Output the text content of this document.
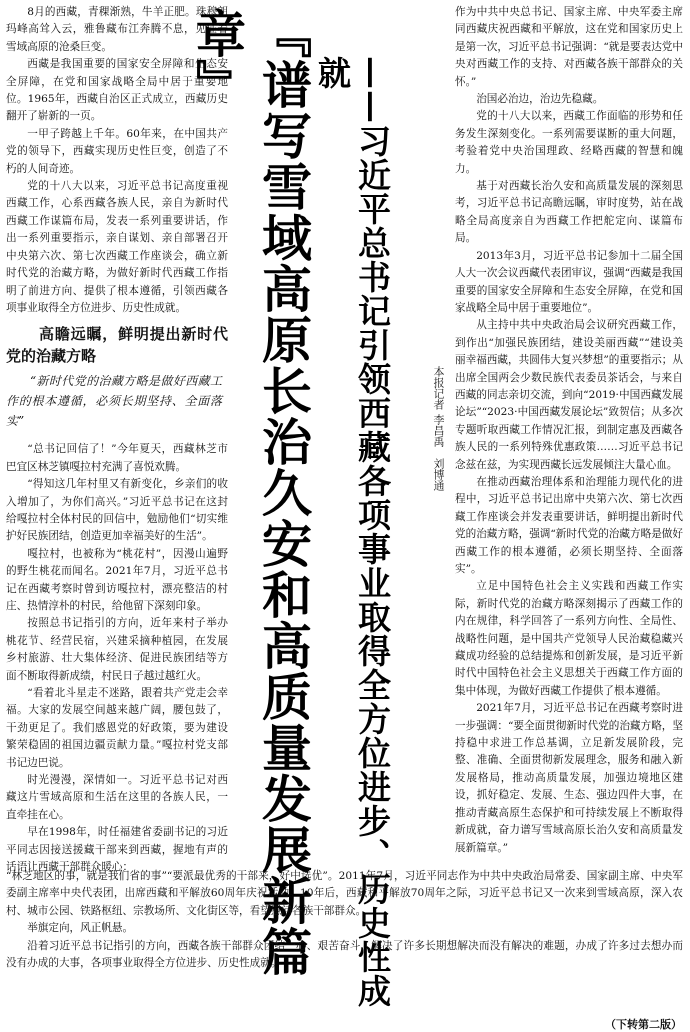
8月的西藏，青稞渐熟，牛羊正肥。珠穆朗玛峰高耸入云，雅鲁藏布江奔腾不息，见证着雪域高原的沧桑巨变。

西藏是我国重要的国家安全屏障和生态安全屏障，在党和国家战略全局中居于重要地位。1965年，西藏自治区正式成立，西藏历史翻开了崭新的一页。

一甲子跨越上千年。60年来，在中国共产党的领导下，西藏实现历史性巨变，创造了不朽的人间奇迹。

党的十八大以来，习近平总书记高度重视西藏工作，心系西藏各族人民，亲自为新时代西藏工作谋篇布局，发表一系列重要讲话，作出一系列重要指示，亲自谋划、亲自部署召开中央第六次、第七次西藏工作座谈会，确立新时代党的治藏方略，为做好新时代西藏工作指明了前进方向、提供了根本遵循，引领西藏各项事业取得全方位进步、历史性成就。

高瞻远瞩，鲜明提出新时代党的治藏方略
“新时代党的治藏方略是做好西藏工作的根本遵循，必须长期坚持、全面落实”

“总书记回信了！”今年夏天，西藏林芝市巴宜区林芝镇嘎拉村充满了喜悦欢腾。

“得知这几年村里又有新变化，乡亲们的收入增加了，为你们高兴。”习近平总书记在这封给嘎拉村全体村民的回信中，勉励他们“切实维护好民族团结，创造更加幸福美好的生活”。

嘎拉村，也被称为“桃花村”，因漫山遍野的野生桃花而闻名。2021年7月，习近平总书记在西藏考察时曾到访嘎拉村，漂亮整洁的村庄、热情淳朴的村民，给他留下深刻印象。

按照总书记指引的方向，近年来村子举办桃花节、经营民宿，兴建采摘种植园，在发展乡村旅游、壮大集体经济、促进民族团结等方面不断取得新成绩，村民日子越过越红火。

“看着北斗星走不迷路，跟着共产党走会幸福。大家的发展空间越来越广阔，腰包鼓了，干劲更足了。我们感恩党的好政策，要为建设繁荣稳固的祖国边疆贡献力量。”嘎拉村党支部书记边巴说。

时光漫漫，深情如一。习近平总书记对西藏这片雪域高原和生活在这里的各族人民，一直牵挂在心。

早在1998年，时任福建省委副书记的习近平同志因接送援藏干部来到西藏，握地有声的话语让西藏干部群众暖心：	『谱写雪域高原长治久安和高质量发展新篇章』	——习近平总书记引领西藏各项事业取得全方位进步、历史性成就
本报记者 李昌禹　刘博通

作为中共中央总书记、国家主席、中央军委主席同西藏庆祝西藏和平解放，这在党和国家历史上是第一次，习近平总书记强调：“就是要表达党中央对西藏工作的支持、对西藏各族干部群众的关怀。”

治国必治边，治边先稳藏。

党的十八大以来，西藏工作面临的形势和任务发生深刻变化。一系列需要谋断的重大问题，考验着党中央治国理政、经略西藏的智慧和魄力。

基于对西藏长治久安和高质量发展的深刻思考，习近平总书记高瞻远瞩，审时度势，站在战略全局高度亲自为西藏工作把舵定向、谋篇布局。

2013年3月，习近平总书记参加十二届全国人大一次会议西藏代表团审议，强调“西藏是我国重要的国家安全屏障和生态安全屏障，在党和国家战略全局中居于重要地位”。

从主持中共中央政治局会议研究西藏工作，到作出“加强民族团结，建设美丽西藏”“建设美丽幸福西藏，共圆伟大复兴梦想”的重要指示；从出席全国两会少数民族代表委员茶话会，与来自西藏的同志亲切交流，到向“2019·中国西藏发展论坛”“2023·中国西藏发展论坛”致贺信；从多次专题听取西藏工作情况汇报，到制定惠及西藏各族人民的一系列特殊优惠政策……习近平总书记念兹在兹，为实现西藏长远发展倾注大量心血。

在推动西藏治理体系和治理能力现代化的进程中，习近平总书记出席中央第六次、第七次西藏工作座谈会并发表重要讲话，鲜明提出新时代党的治藏方略，强调“新时代党的治藏方略是做好西藏工作的根本遵循，必须长期坚持、全面落实”。

立足中国特色社会主义实践和西藏工作实际，新时代党的治藏方略深刻揭示了西藏工作的内在规律，科学回答了一系列方向性、全局性、战略性问题，是中国共产党领导人民治藏稳藏兴藏成功经验的总结提炼和创新发展，是习近平新时代中国特色社会主义思想关于西藏工作方面的集中体现，为做好西藏工作提供了根本遵循。

2021年7月，习近平总书记在西藏考察时进一步强调：“要全面贯彻新时代党的治藏方略，坚持稳中求进工作总基调，立足新发展阶段，完整、准确、全面贯彻新发展理念，服务和融入新发展格局，推动高质量发展，加强边境地区建设，抓好稳定、发展、生态、强边四件大事，在推动青藏高原生态保护和可持续发展上不断取得新成就，奋力谱写雪域高原长治久安和高质量发展新篇章。”

“林芝地区的事，就是我们省的事”“要派最优秀的干部来，好中选优”。2011年7月，习近平同志作为中共中央政治局常委、国家副主席、中央军委副主席率中央代表团，出席西藏和平解放60周年庆祝活动。10年后，西藏和平解放70周年之际，习近平总书记又一次来到雪域高原，深入农村、城市公园、铁路枢纽、宗教场所、文化街区等，看望慰问各族干部群众。

举旗定向，风正帆悬。

沿着习近平总书记指引的方向，西藏各族干部群众团结一心、艰苦奋斗，解决了许多长期想解决而没有解决的难题，办成了许多过去想办而没有办成的大事，各项事业取得全方位进步、历史性成就。

（下转第二版）
